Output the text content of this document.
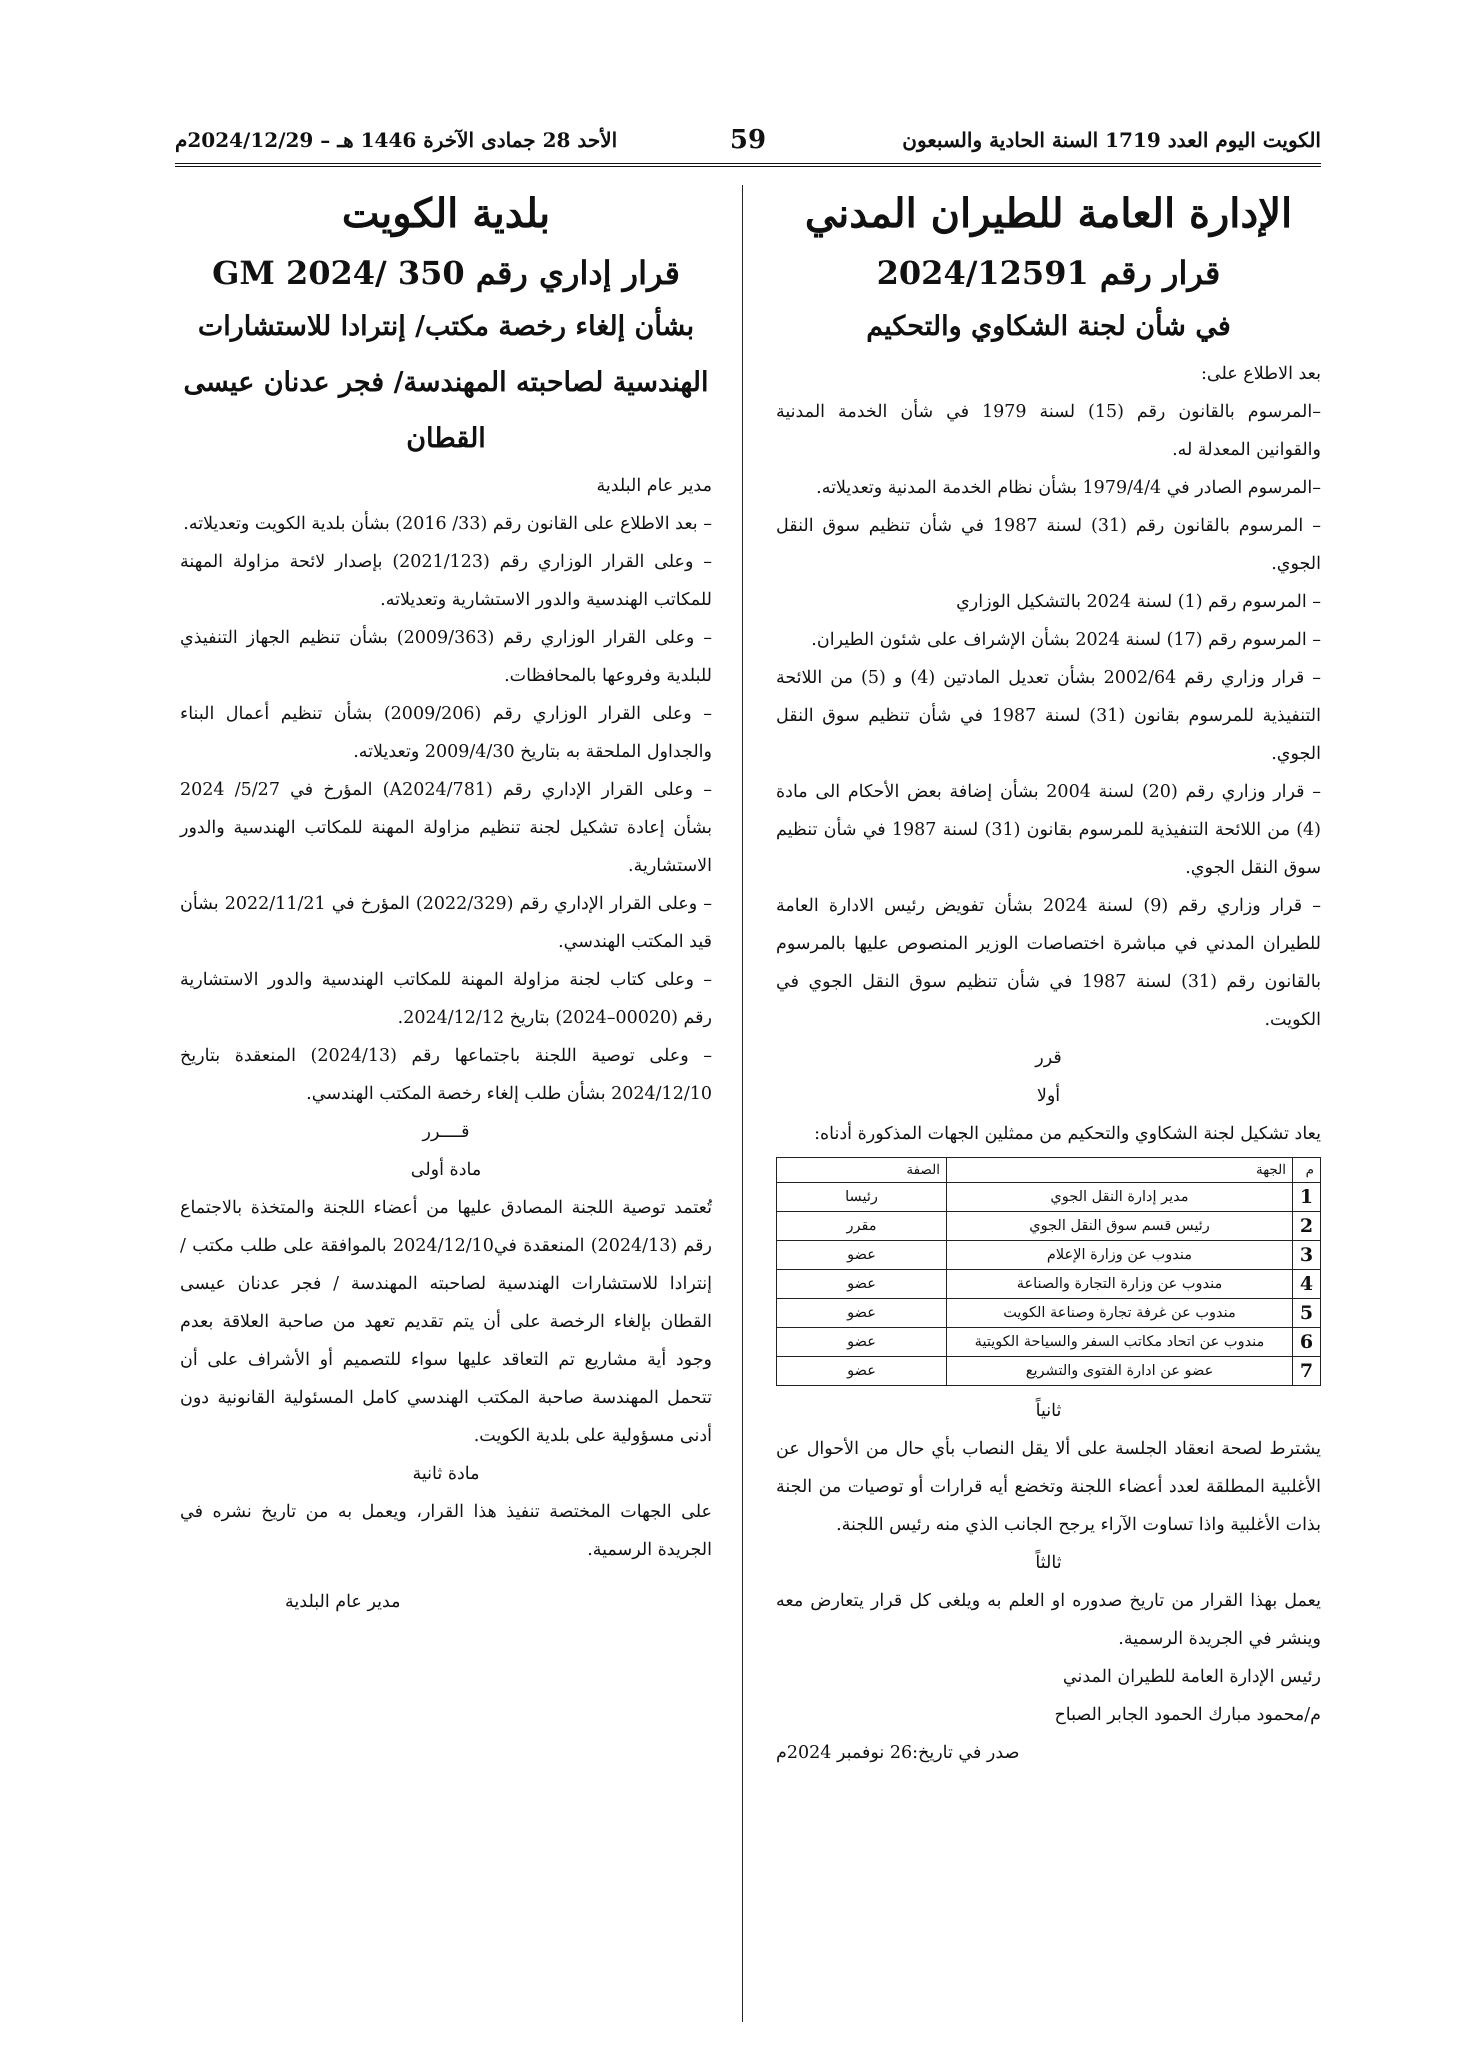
الكويت اليوم العدد 1719 السنة الحادية والسبعون
59
الأحد 28 جمادى الآخرة 1446 هـ – 2024/12/29م
الإدارة العامة للطيران المدني
قرار رقم 2024/12591
في شأن لجنة الشكاوي والتحكيم

بعد الاطلاع على:

–المرسوم بالقانون رقم (15) لسنة 1979 في شأن الخدمة المدنية والقوانين المعدلة له.

–المرسوم الصادر في 1979/4/4 بشأن نظام الخدمة المدنية وتعديلاته.

– المرسوم بالقانون رقم (31) لسنة 1987 في شأن تنظيم سوق النقل الجوي.

– المرسوم رقم (1) لسنة 2024 بالتشكيل الوزاري

– المرسوم رقم (17) لسنة 2024 بشأن الإشراف على شئون الطيران.

– قرار وزاري رقم 2002/64 بشأن تعديل المادتين (4) و (5) من اللائحة التنفيذية للمرسوم بقانون (31) لسنة 1987 في شأن تنظيم سوق النقل الجوي.

– قرار وزاري رقم (20) لسنة 2004 بشأن إضافة بعض الأحكام الى مادة (4) من اللائحة التنفيذية للمرسوم بقانون (31) لسنة 1987 في شأن تنظيم سوق النقل الجوي.

– قرار وزاري رقم (9) لسنة 2024 بشأن تفويض رئيس الادارة العامة للطيران المدني في مباشرة اختصاصات الوزير المنصوص عليها بالمرسوم بالقانون رقم (31) لسنة 1987 في شأن تنظيم سوق النقل الجوي في الكويت.

قرر

أولا

يعاد تشكيل لجنة الشكاوي والتحكيم من ممثلين الجهات المذكورة أدناه:

م	الجهة	الصفة
1	مدير إدارة النقل الجوي	رئيسا
2	رئيس قسم سوق النقل الجوي	مقرر
3	مندوب عن وزارة الإعلام	عضو
4	مندوب عن وزارة التجارة والصناعة	عضو
5	مندوب عن غرفة تجارة وصناعة الكويت	عضو
6	مندوب عن اتحاد مكاتب السفر والسياحة الكويتية	عضو
7	عضو عن ادارة الفتوى والتشريع	عضو

ثانياً

يشترط لصحة انعقاد الجلسة على ألا يقل النصاب بأي حال من الأحوال عن الأغلبية المطلقة لعدد أعضاء اللجنة وتخضع أيه قرارات أو توصيات من الجنة بذات الأغلبية واذا تساوت الآراء يرجح الجانب الذي منه رئيس اللجنة.

ثالثاً

يعمل بهذا القرار من تاريخ صدوره او العلم به ويلغى كل قرار يتعارض معه وينشر في الجريدة الرسمية.

رئيس الإدارة العامة للطيران المدني

م/محمود مبارك الحمود الجابر الصباح

صدر في تاريخ:26 نوفمبر 2024م

بلدية الكويت
قرار إداري رقم 350 /GM 2024
بشأن إلغاء رخصة مكتب/ إنترادا للاستشارات
الهندسية لصاحبته المهندسة/ فجر عدنان عيسى
القطان

مدير عام البلدية

– بعد الاطلاع على القانون رقم (33/ 2016) بشأن بلدية الكويت وتعديلاته.

– وعلى القرار الوزاري رقم (2021/123) بإصدار لائحة مزاولة المهنة للمكاتب الهندسية والدور الاستشارية وتعديلاته.

– وعلى القرار الوزاري رقم (2009/363) بشأن تنظيم الجهاز التنفيذي للبلدية وفروعها بالمحافظات.

– وعلى القرار الوزاري رقم (2009/206) بشأن تنظيم أعمال البناء والجداول الملحقة به بتاريخ 2009/4/30 وتعديلاته.

– وعلى القرار الإداري رقم (A2024/781) المؤرخ في 5/27/ 2024 بشأن إعادة تشكيل لجنة تنظيم مزاولة المهنة للمكاتب الهندسية والدور الاستشارية.

– وعلى القرار الإداري رقم (2022/329) المؤرخ في 2022/11/21 بشأن قيد المكتب الهندسي.

– وعلى كتاب لجنة مزاولة المهنة للمكاتب الهندسية والدور الاستشارية رقم (00020–2024) بتاريخ 2024/12/12.

– وعلى توصية اللجنة باجتماعها رقم (2024/13) المنعقدة بتاريخ 2024/12/10 بشأن طلب إلغاء رخصة المكتب الهندسي.

قــــرر

مادة أولى

تُعتمد توصية اللجنة المصادق عليها من أعضاء اللجنة والمتخذة بالاجتماع رقم (2024/13) المنعقدة في2024/12/10 بالموافقة على طلب مكتب / إنترادا للاستشارات الهندسية لصاحبته المهندسة / فجر عدنان عيسى القطان بإلغاء الرخصة على أن يتم تقديم تعهد من صاحبة العلاقة بعدم وجود أية مشاريع تم التعاقد عليها سواء للتصميم أو الأشراف على أن تتحمل المهندسة صاحبة المكتب الهندسي كامل المسئولية القانونية دون أدنى مسؤولية على بلدية الكويت.

مادة ثانية

على الجهات المختصة تنفيذ هذا القرار، ويعمل به من تاريخ نشره في الجريدة الرسمية.

مدير عام البلدية
